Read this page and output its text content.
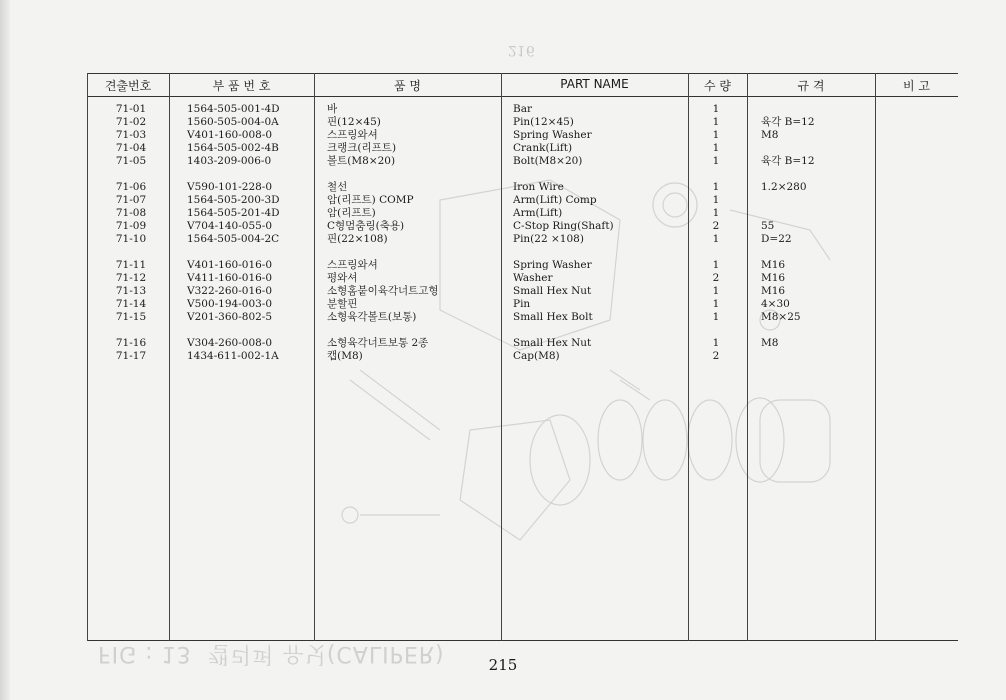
216
FIG : 13  캘리퍼 유닛(CALIPER)
견출번호	부 품 번 호	품 명	PART NAME	수 량	규 격	비 고
71-01	1564-505-001-4D	바	Bar	1
71-02	1560-505-004-0A	핀(12×45)	Pin(12×45)	1	육각 B=12
71-03	V401-160-008-0	스프링와셔	Spring Washer	1	M8
71-04	1564-505-002-4B	크랭크(리프트)	Crank(Lift)	1
71-05	1403-209-006-0	볼트(M8×20)	Bolt(M8×20)	1	육각 B=12
71-06	V590-101-228-0	철선	Iron Wire	1	1.2×280
71-07	1564-505-200-3D	암(리프트) COMP	Arm(Lift) Comp	1
71-08	1564-505-201-4D	암(리프트)	Arm(Lift)	1
71-09	V704-140-055-0	C형멈춤링(축용)	C-Stop Ring(Shaft)	2	55
71-10	1564-505-004-2C	핀(22×108)	Pin(22 ×108)	1	D=22
71-11	V401-160-016-0	스프링와셔	Spring Washer	1	M16
71-12	V411-160-016-0	평와셔	Washer	2	M16
71-13	V322-260-016-0	소형홈붙이육각너트고형	Small Hex Nut	1	M16
71-14	V500-194-003-0	분할핀	Pin	1	4×30
71-15	V201-360-802-5	소형육각볼트(보통)	Small Hex Bolt	1	M8×25
71-16	V304-260-008-0	소형육각너트보통 2종	Small Hex Nut	1	M8
71-17	1434-611-002-1A	캡(M8)	Cap(M8)	2
215
